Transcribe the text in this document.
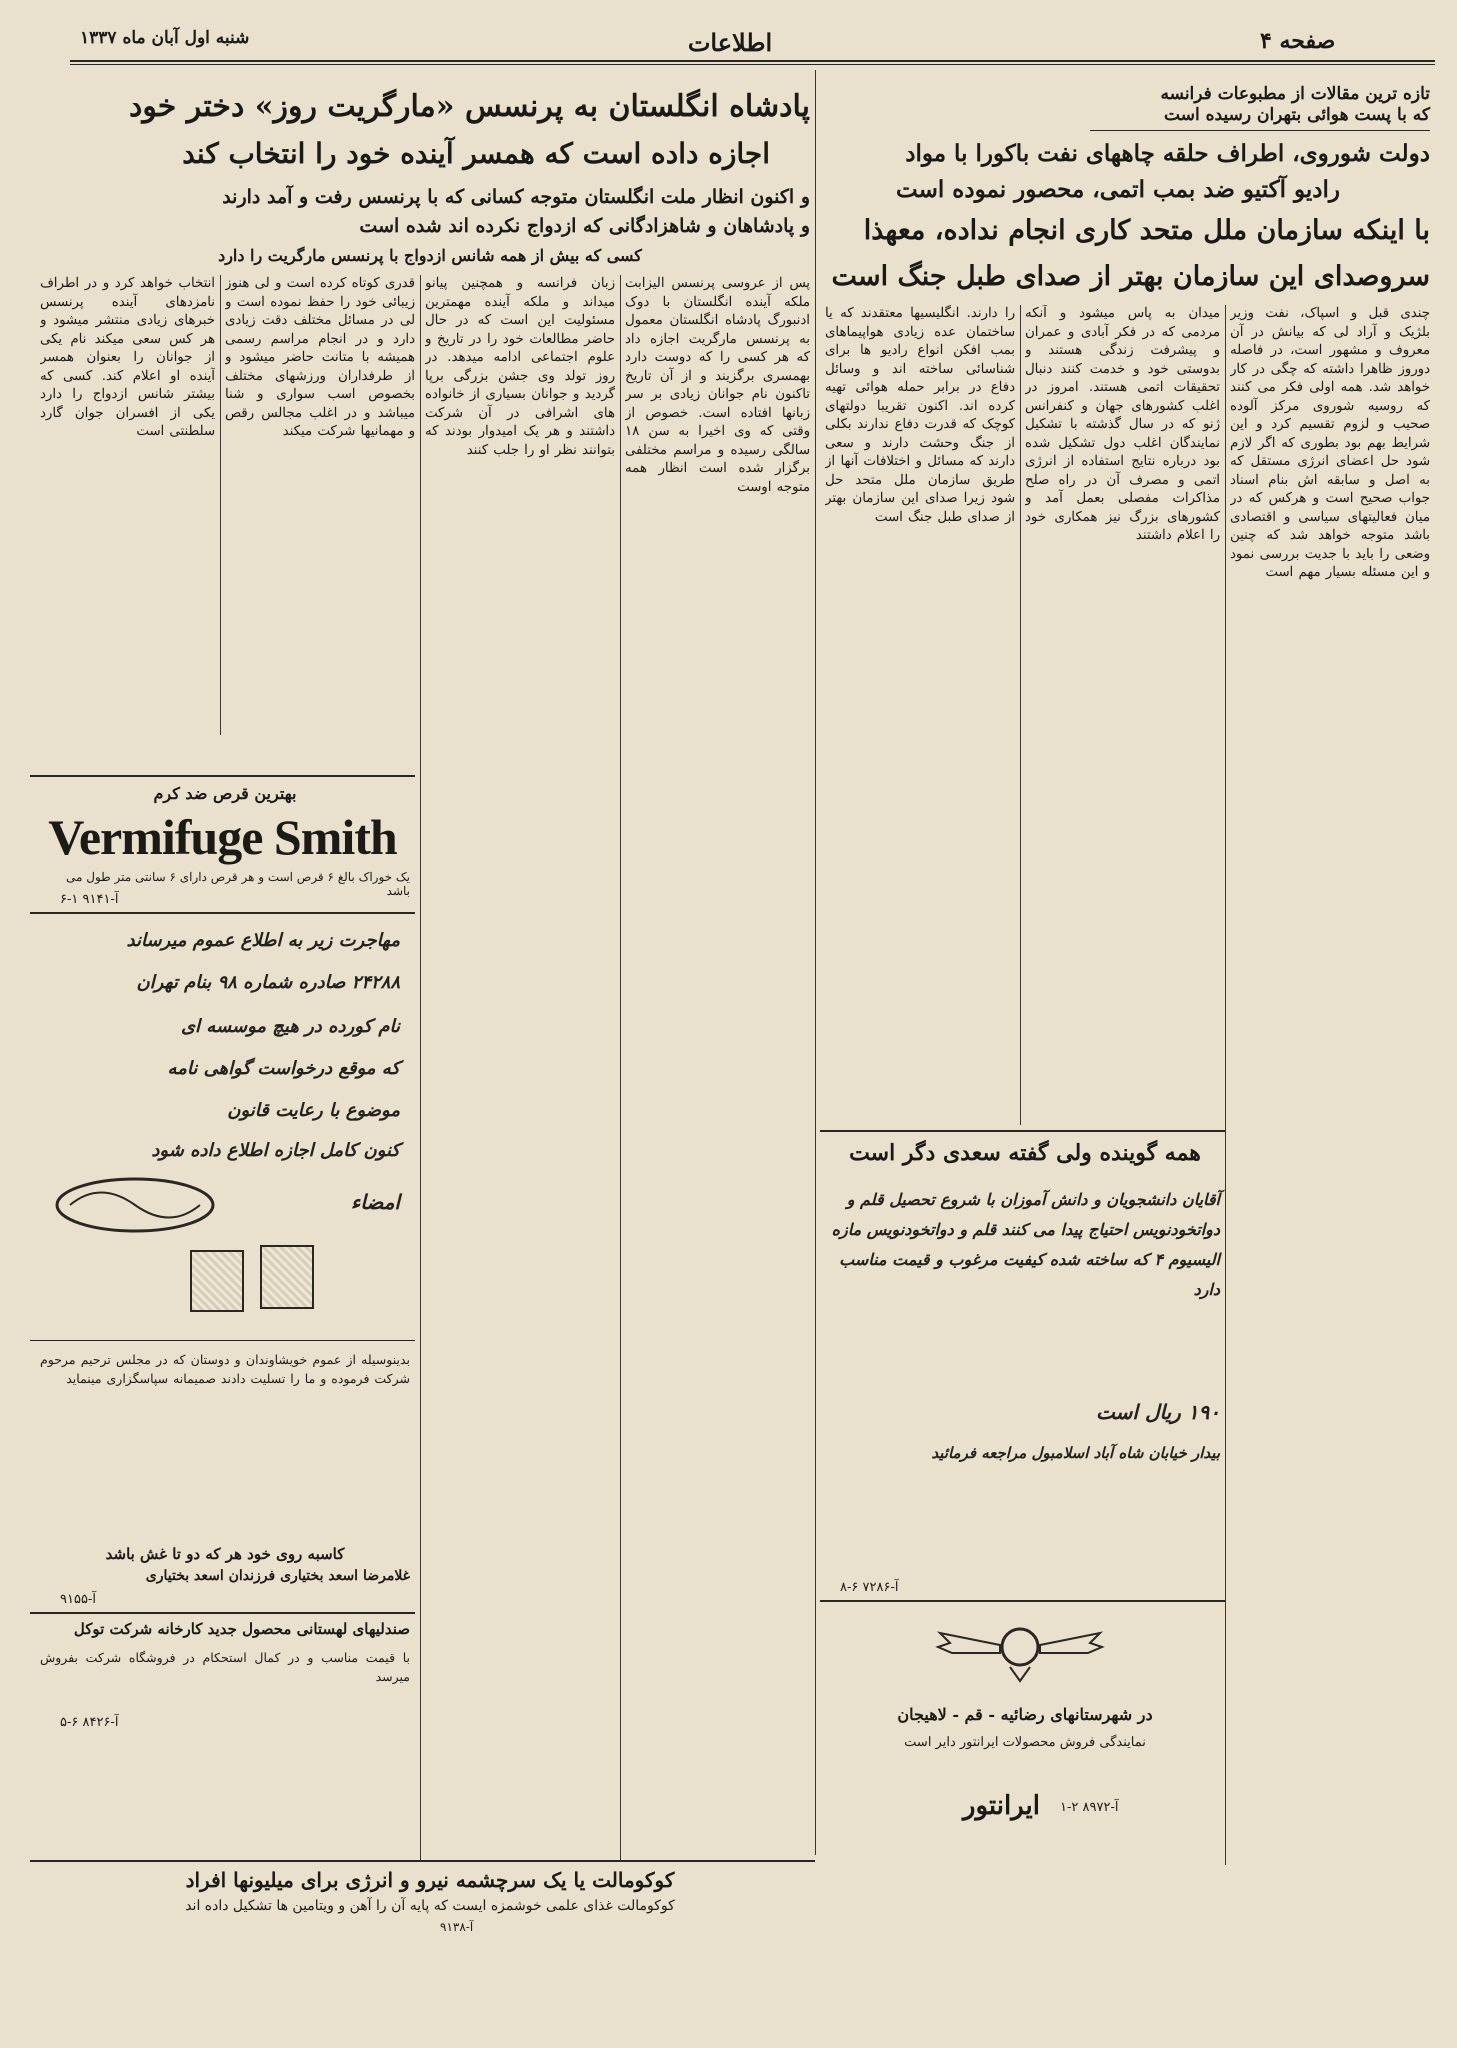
صفحه ۴
اطلاعات
شنبه اول آبان ماه ۱۳۳۷
تازه ترین مقالات از مطبوعات فرانسه
که با پست هوائی بتهران رسیده است
دولت شوروی، اطراف حلقه چاههای نفت باکورا با مواد
رادیو آکتیو ضد بمب اتمی، محصور نموده است
با اینکه سازمان ملل متحد کاری انجام نداده، معهذا
سروصدای این سازمان بهتر از صدای طبل جنگ است
پادشاه انگلستان به پرنسس «مارگریت روز» دختر خود
اجازه داده است که همسر آینده خود را انتخاب کند
و اکنون انظار ملت انگلستان متوجه کسانی که با پرنسس رفت و آمد دارند
و پادشاهان و شاهزادگانی که ازدواج نکرده اند شده است
کسی که بیش از همه شانس ازدواج با پرنسس مارگریت را دارد
چندی قبل و اسپاک، نفت وزیر بلژیک و آراد لی که بیانش در آن معروف و مشهور است، در فاصله دوروز ظاهرا داشته که چگی در کار خواهد شد. همه اولی فکر می کنند که روسیه شوروی مرکز آلوده صحیب و لزوم تقسیم کرد و این شرایط بهم بود بطوری که اگر لازم شود حل اعضای انرژی مستقل که به اصل و سابقه اش بنام اسناد جواب صحیح است و هرکس که در میان فعالیتهای سیاسی و اقتصادی باشد متوجه خواهد شد که چنین وضعی را باید با جدیت بررسی نمود و این مسئله بسیار مهم است
میدان به پاس میشود و آنکه مردمی که در فکر آبادی و عمران و پیشرفت زندگی هستند و بدوستی خود و خدمت کنند دنبال تحقیقات اتمی هستند. امروز در اغلب کشورهای جهان و کنفرانس ژنو که در سال گذشته با تشکیل نمایندگان اغلب دول تشکیل شده بود درباره نتایج استفاده از انرژی اتمی و مصرف آن در راه صلح مذاکرات مفصلی بعمل آمد و کشورهای بزرگ نیز همکاری خود را اعلام داشتند
را دارند. انگلیسیها معتقدند که یا ساختمان عده زیادی هواپیماهای بمب افکن انواع رادیو ها برای شناسائی ساخته اند و وسائل دفاع در برابر حمله هوائی تهیه کرده اند. اکنون تقریبا دولتهای کوچک که قدرت دفاع ندارند بکلی از جنگ وحشت دارند و سعی دارند که مسائل و اختلافات آنها از طریق سازمان ملل متحد حل شود زیرا صدای این سازمان بهتر از صدای طبل جنگ است
همه گوینده ولی گفته سعدی دگر است
آقایان دانشجویان و دانش آموزان با شروع تحصیل قلم و دواتخودنویس احتیاج پیدا می کنند قلم و دواتخودنویس مازه الیسیوم ۴ که ساخته شده کیفیت مرغوب و قیمت مناسب دارد
۱۹۰ ریال است
بیدار خیابان شاه آباد اسلامبول مراجعه فرمائید
آ-۷۲۸۶ ۶-۸
در شهرستانهای رضائیه - قم - لاهیجان
نمایندگی فروش محصولات ایرانتور دایر است
ایرانتور آ-۸۹۷۲ ۲-۱
پس از عروسی پرنسس الیزابت ملکه آینده انگلستان با دوک ادنبورگ پادشاه انگلستان معمول به پرنسس مارگریت اجازه داد که هر کسی را که دوست دارد بهمسری برگزیند و از آن تاریخ تاکنون نام جوانان زیادی بر سر زبانها افتاده است. خصوص از وقتی که وی اخیرا به سن ۱۸ سالگی رسیده و مراسم مختلفی برگزار شده است انظار همه متوجه اوست
زبان فرانسه و همچنین پیانو میداند و ملکه آینده مهمترین مسئولیت این است که در حال حاضر مطالعات خود را در تاریخ و علوم اجتماعی ادامه میدهد. در روز تولد وی جشن بزرگی برپا گردید و جوانان بسیاری از خانواده های اشرافی در آن شرکت داشتند و هر یک امیدوار بودند که بتوانند نظر او را جلب کنند
قدری کوتاه کرده است و لی هنوز زیبائی خود را حفظ نموده است و لی در مسائل مختلف دقت زیادی دارد و در انجام مراسم رسمی همیشه با متانت حاضر میشود و از طرفداران ورزشهای مختلف بخصوص اسب سواری و شنا میباشد و در اغلب مجالس رقص و مهمانیها شرکت میکند
انتخاب خواهد کرد و در اطراف نامزدهای آینده پرنسس خبرهای زیادی منتشر میشود و هر کس سعی میکند نام یکی از جوانان را بعنوان همسر آینده او اعلام کند. کسی که بیشتر شانس ازدواج را دارد یکی از افسران جوان گارد سلطنتی است
بهترین قرص ضد کرم
Vermifuge Smith
یک خوراک بالغ ۶ قرص است و هر قرص دارای ۶ سانتی متر طول می باشد
آ-۹۱۴۱ ۱-۶
مهاجرت زیر به اطلاع عموم میرساند
۲۴۲۸۸ صادره شماره ۹۸ بنام تهران
نام کورده در هیچ موسسه ای
که موقع درخواست گواهی نامه
موضوع با رعایت قانون
کنون کامل اجازه اطلاع داده شود
امضاء
بدینوسیله از عموم خویشاوندان و دوستان که در مجلس ترحیم مرحوم شرکت فرموده و ما را تسلیت دادند صمیمانه سپاسگزاری مینماید
کاسبه روی خود هر که دو تا غش باشد
غلامرضا اسعد بختیاری فرزندان اسعد بختیاری
آ-۹۱۵۵
صندلیهای لهستانی محصول جدید کارخانه شرکت توکل
با قیمت مناسب و در کمال استحکام در فروشگاه شرکت بفروش میرسد
آ-۸۴۲۶ ۶-۵
کوکومالت یا یک سرچشمه نیرو و انرژی برای میلیونها افراد
کوکومالت غذای علمی خوشمزه ایست که پایه آن را آهن و ویتامین ها تشکیل داده اند
آ-۹۱۳۸
